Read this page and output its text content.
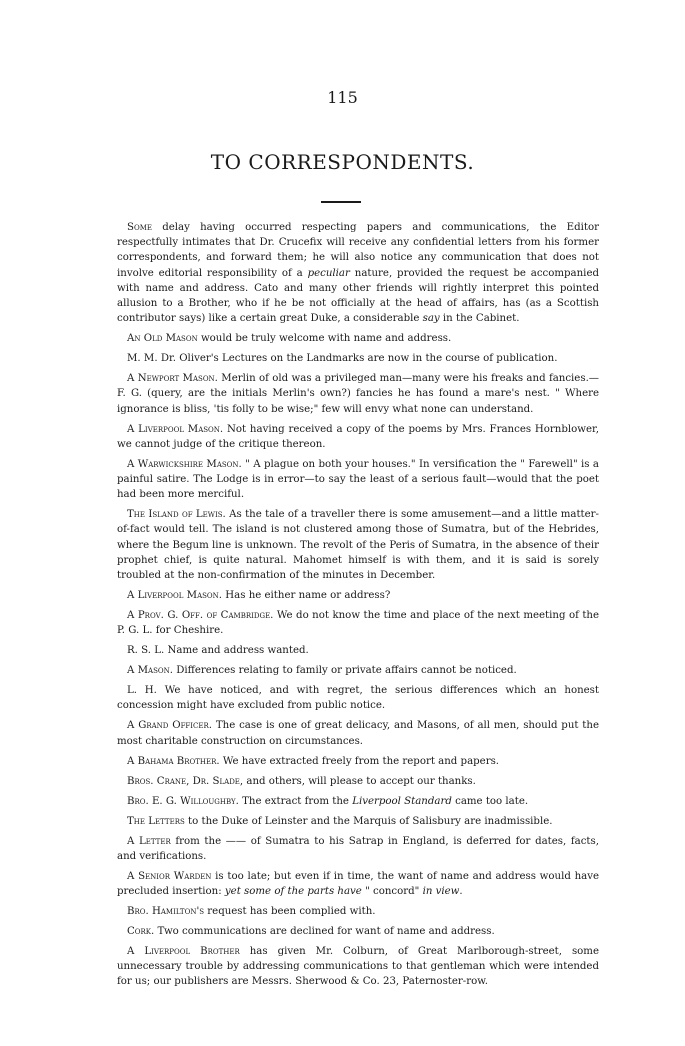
115
TO CORRESPONDENTS.

Some delay having occurred respecting papers and communications, the Editor respectfully intimates that Dr. Crucefix will receive any confidential letters from his former correspondents, and forward them; he will also notice any communication that does not involve editorial responsibility of a peculiar nature, provided the request be accompanied with name and address. Cato and many other friends will rightly interpret this pointed allusion to a Brother, who if he be not officially at the head of affairs, has (as a Scottish contributor says) like a certain great Duke, a considerable say in the Cabinet.

An Old Mason would be truly welcome with name and address.

M. M. Dr. Oliver's Lectures on the Landmarks are now in the course of publication.

A Newport Mason. Merlin of old was a privileged man—many were his freaks and fancies.—F. G. (query, are the initials Merlin's own?) fancies he has found a mare's nest. " Where ignorance is bliss, 'tis folly to be wise;" few will envy what none can understand.

A Liverpool Mason. Not having received a copy of the poems by Mrs. Frances Hornblower, we cannot judge of the critique thereon.

A Warwickshire Mason. " A plague on both your houses." In versification the " Farewell" is a painful satire. The Lodge is in error—to say the least of a serious fault—would that the poet had been more merciful.

The Island of Lewis. As the tale of a traveller there is some amusement—and a little matter-of-fact would tell. The island is not clustered among those of Sumatra, but of the Hebrides, where the Begum line is unknown. The revolt of the Peris of Sumatra, in the absence of their prophet chief, is quite natural. Mahomet himself is with them, and it is said is sorely troubled at the non-confirmation of the minutes in December.

A Liverpool Mason. Has he either name or address?

A Prov. G. Off. of Cambridge. We do not know the time and place of the next meeting of the P. G. L. for Cheshire.

R. S. L. Name and address wanted.

A Mason. Differences relating to family or private affairs cannot be noticed.

L. H. We have noticed, and with regret, the serious differences which an honest concession might have excluded from public notice.

A Grand Officer. The case is one of great delicacy, and Masons, of all men, should put the most charitable construction on circumstances.

A Bahama Brother. We have extracted freely from the report and papers.

Bros. Crane, Dr. Slade, and others, will please to accept our thanks.

Bro. E. G. Willoughby. The extract from the Liverpool Standard came too late.

The Letters to the Duke of Leinster and the Marquis of Salisbury are inadmissible.

A Letter from the —— of Sumatra to his Satrap in England, is deferred for dates, facts, and verifications.

A Senior Warden is too late; but even if in time, the want of name and address would have precluded insertion: yet some of the parts have " concord" in view.

Bro. Hamilton's request has been complied with.

Cork. Two communications are declined for want of name and address.

A Liverpool Brother has given Mr. Colburn, of Great Marlborough-street, some unnecessary trouble by addressing communications to that gentleman which were intended for us; our publishers are Messrs. Sherwood & Co. 23, Paternoster-row.
